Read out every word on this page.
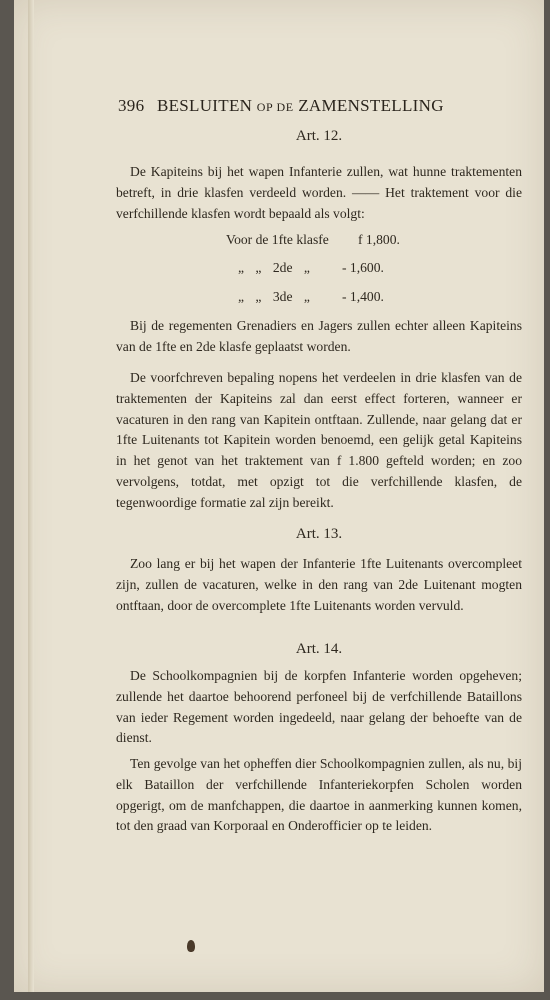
396 BESLUITEN OP DE ZAMENSTELLING
Art. 12.

De Kapiteins bij het wapen Infanterie zullen, wat hunne traktementen betreft, in drie klasfen verdeeld worden. —— Het traktement voor die verfchillende klasfen wordt bepaald als volgt:

Voor de 1fte klasfe f 1,800.
„ „ 2de „ - 1,600.
„ „ 3de „ - 1,400.

Bij de regementen Grenadiers en Jagers zullen echter alleen Kapiteins van de 1fte en 2de klasfe geplaatst worden.

De voorfchreven bepaling nopens het verdeelen in drie klasfen van de traktementen der Kapiteins zal dan eerst effect forteren, wanneer er vacaturen in den rang van Kapitein ontftaan. Zullende, naar gelang dat er 1fte Luitenants tot Kapitein worden benoemd, een gelijk getal Kapiteins in het genot van het traktement van f 1.800 gefteld worden; en zoo vervolgens, totdat, met opzigt tot die verfchillende klasfen, de tegenwoordige formatie zal zijn bereikt.

Art. 13.

Zoo lang er bij het wapen der Infanterie 1fte Luitenants overcompleet zijn, zullen de vacaturen, welke in den rang van 2de Luitenant mogten ontftaan, door de overcomplete 1fte Luitenants worden vervuld.

Art. 14.

De Schoolkompagnien bij de korpfen Infanterie worden opgeheven; zullende het daartoe behoorend perfoneel bij de verfchillende Bataillons van ieder Regement worden ingedeeld, naar gelang der behoefte van de dienst.

Ten gevolge van het opheffen dier Schoolkompagnien zullen, als nu, bij elk Bataillon der verfchillende Infanteriekorpfen Scholen worden opgerigt, om de manfchappen, die daartoe in aanmerking kunnen komen, tot den graad van Korporaal en Onderofficier op te leiden.
